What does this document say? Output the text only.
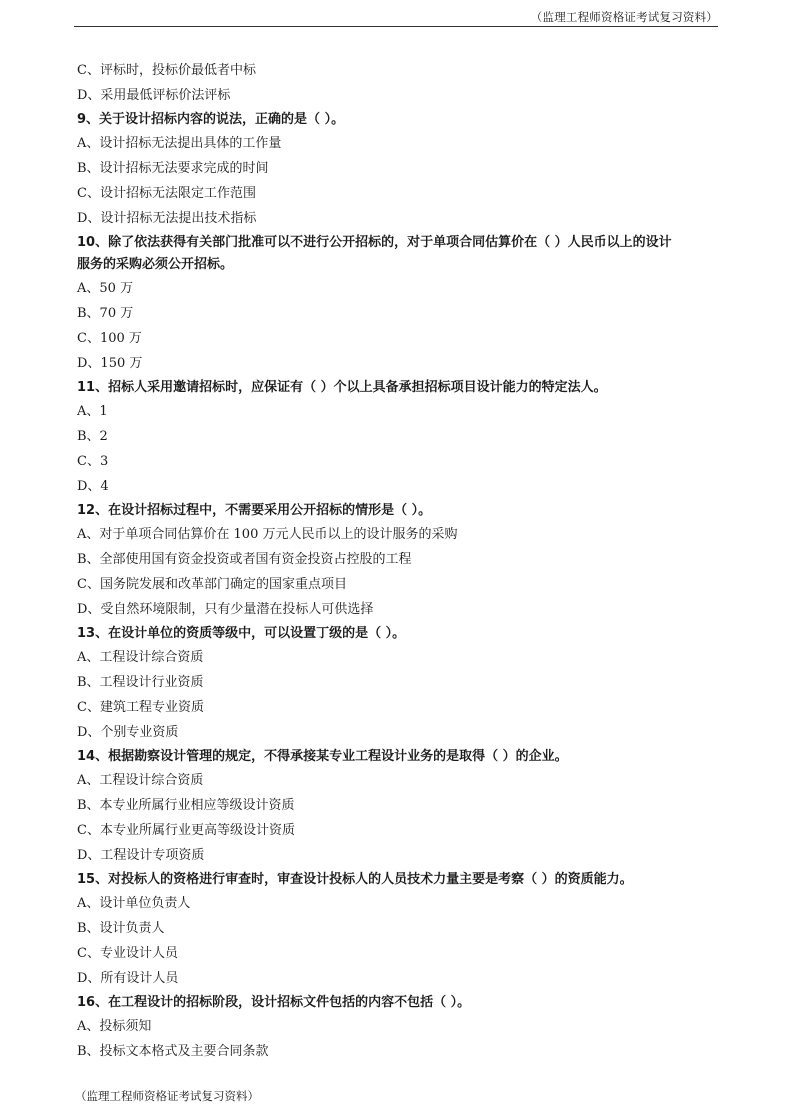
（监理工程师资格证考试复习资料）
C、评标时，投标价最低者中标
D、采用最低评标价法评标
9、关于设计招标内容的说法，正确的是（ ）。
A、设计招标无法提出具体的工作量
B、设计招标无法要求完成的时间
C、设计招标无法限定工作范围
D、设计招标无法提出技术指标
10、除了依法获得有关部门批准可以不进行公开招标的，对于单项合同估算价在（ ）人民币以上的设计
服务的采购必须公开招标。
A、50 万
B、70 万
C、100 万
D、150 万
11、招标人采用邀请招标时，应保证有（ ）个以上具备承担招标项目设计能力的特定法人。
A、1
B、2
C、3
D、4
12、在设计招标过程中，不需要采用公开招标的情形是（ ）。
A、对于单项合同估算价在 100 万元人民币以上的设计服务的采购
B、全部使用国有资金投资或者国有资金投资占控股的工程
C、国务院发展和改革部门确定的国家重点项目
D、受自然环境限制，只有少量潜在投标人可供选择
13、在设计单位的资质等级中，可以设置丁级的是（ ）。
A、工程设计综合资质
B、工程设计行业资质
C、建筑工程专业资质
D、个别专业资质
14、根据勘察设计管理的规定，不得承接某专业工程设计业务的是取得（ ）的企业。
A、工程设计综合资质
B、本专业所属行业相应等级设计资质
C、本专业所属行业更高等级设计资质
D、工程设计专项资质
15、对投标人的资格进行审查时，审查设计投标人的人员技术力量主要是考察（ ）的资质能力。
A、设计单位负责人
B、设计负责人
C、专业设计人员
D、所有设计人员
16、在工程设计的招标阶段，设计招标文件包括的内容不包括（ ）。
A、投标须知
B、投标文本格式及主要合同条款
（监理工程师资格证考试复习资料）
